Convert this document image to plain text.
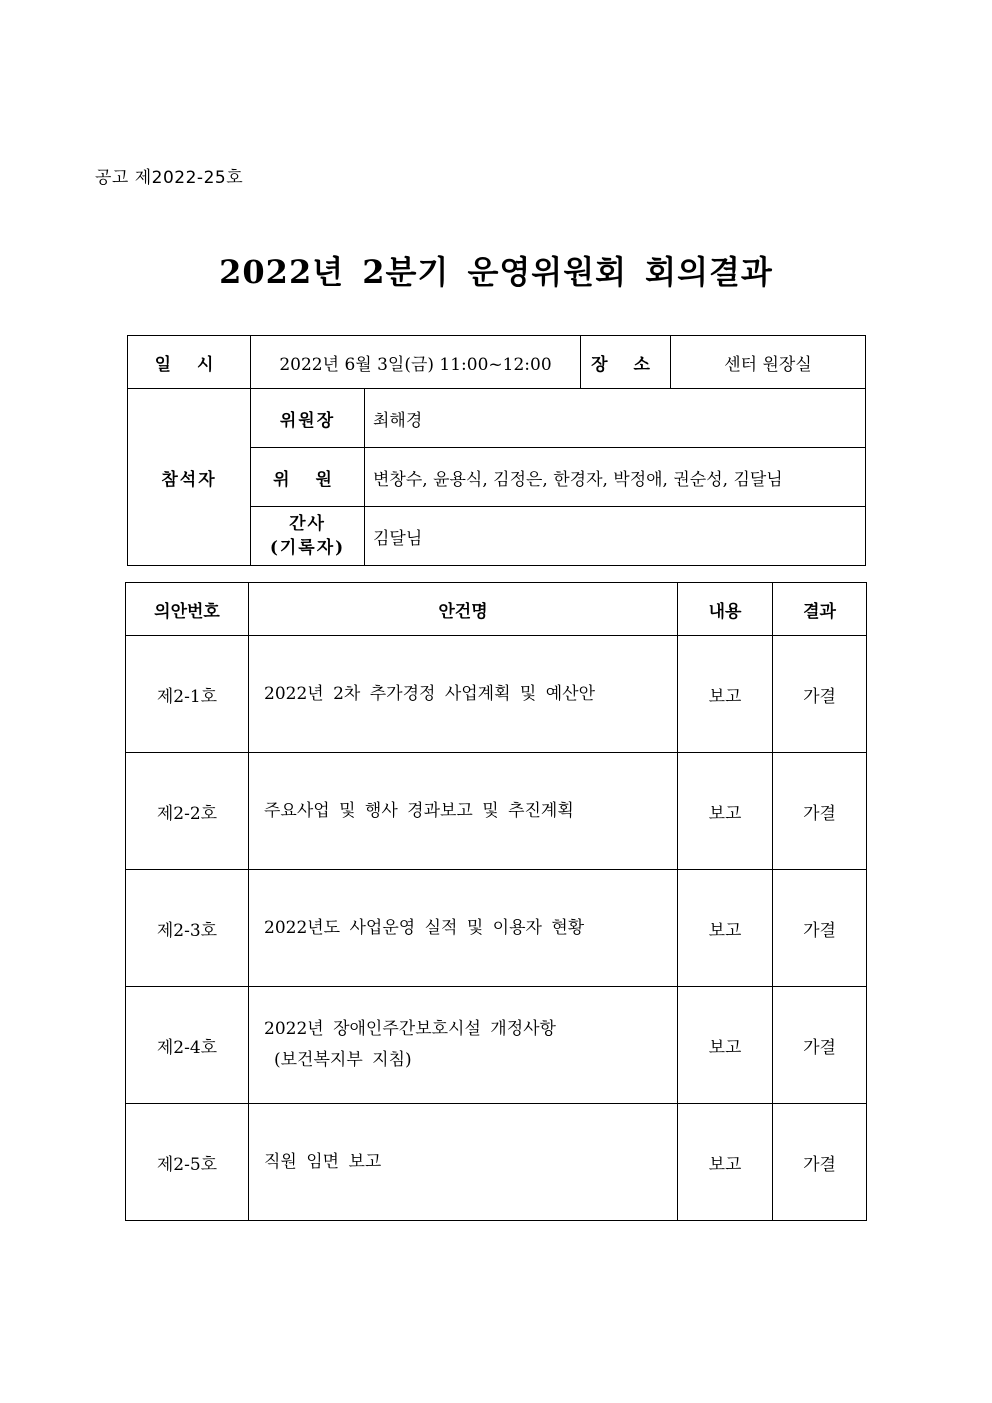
공고 제2022-25호
2022년 2분기 운영위원회 회의결과
일 시	2022년 6월 3일(금) 11:00~12:00		장 소	센터 원장실
참석자	위원장	최해경		
	위 원	변창수, 윤용식, 김정은, 한경자, 박정애, 권순성, 김달님		

	간사
(기록자)	김달님		
의안번호	안건명	내용	결과
제2-1호	2022년 2차 추가경정 사업계획 및 예산안	보고	가결
제2-2호	주요사업 및 행사 경과보고 및 추진계획	보고	가결
제2-3호	2022년도 사업운영 실적 및 이용자 현황	보고	가결
제2-4호	2022년 장애인주간보호시설 개정사항
(보건복지부 지침)	보고	가결
제2-5호	직원 임면 보고	보고	가결
